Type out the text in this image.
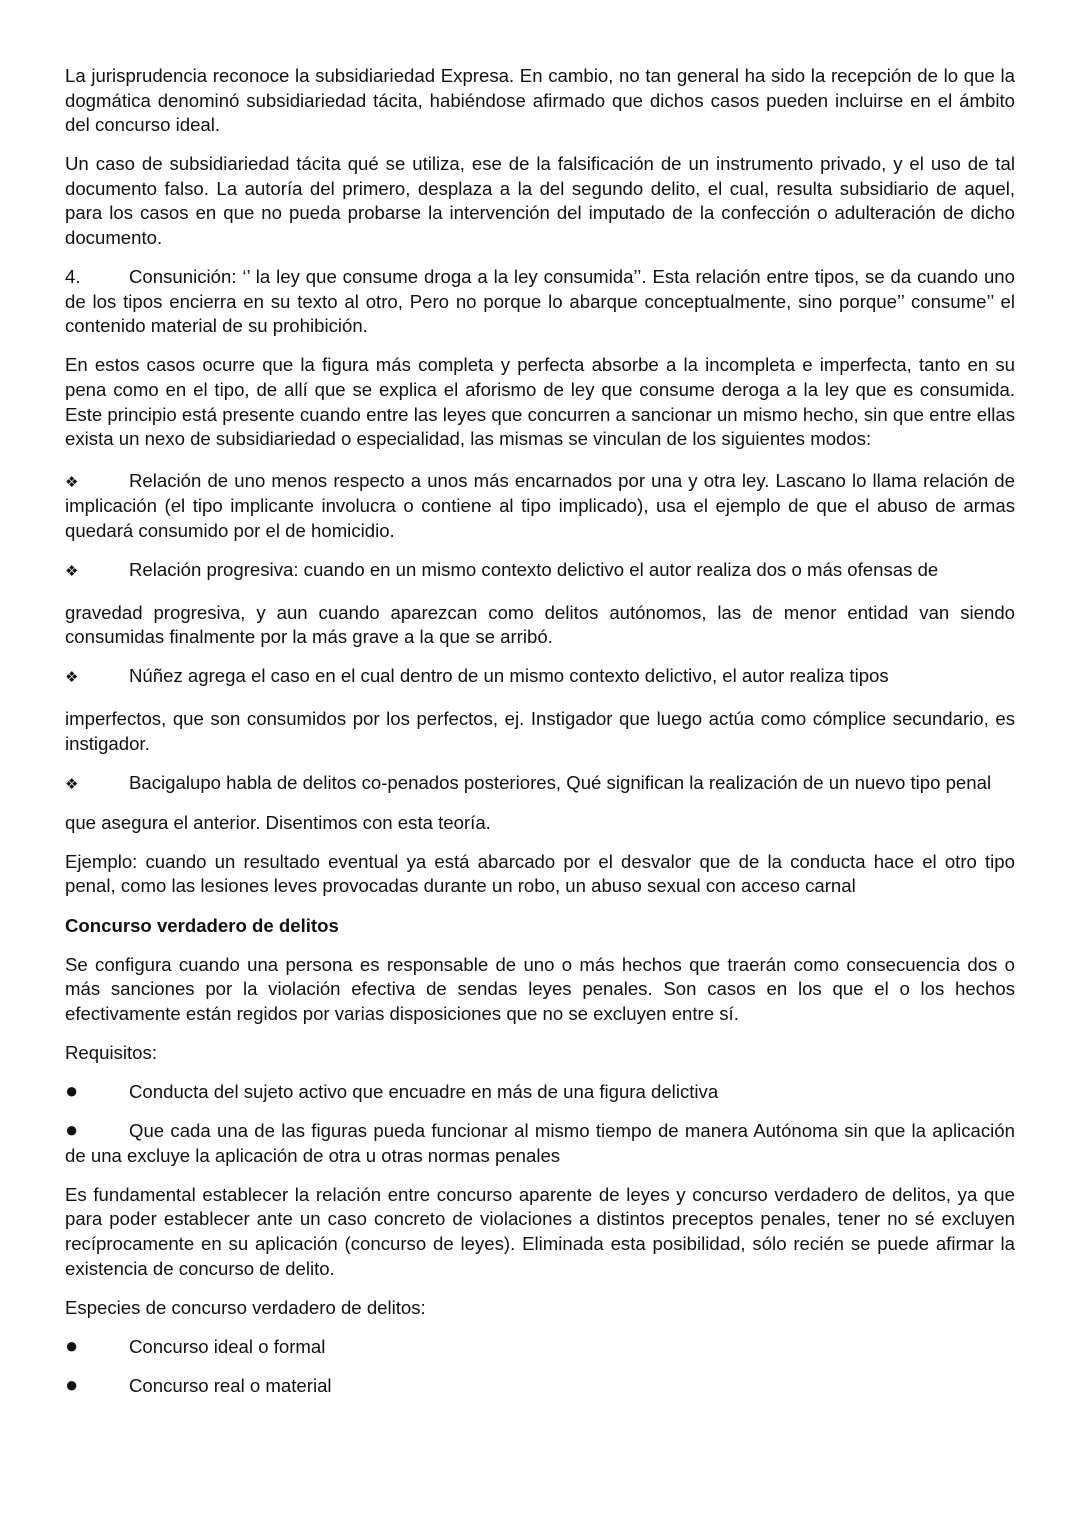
La jurisprudencia reconoce la subsidiariedad Expresa. En cambio, no tan general ha sido la recepción de lo que la dogmática denominó subsidiariedad tácita, habiéndose afirmado que dichos casos pueden incluirse en el ámbito del concurso ideal.

Un caso de subsidiariedad tácita qué se utiliza, ese de la falsificación de un instrumento privado, y el uso de tal documento falso. La autoría del primero, desplaza a la del segundo delito, el cual, resulta subsidiario de aquel, para los casos en que no pueda probarse la intervención del imputado de la confección o adulteración de dicho documento.

4.	Consunición: ‘’ la ley que consume droga a la ley consumida’’. Esta relación entre tipos, se da cuando uno de los tipos encierra en su texto al otro, Pero no porque lo abarque conceptualmente, sino porque’’ consume’’ el contenido material de su prohibición.

En estos casos ocurre que la figura más completa y perfecta absorbe a la incompleta e imperfecta, tanto en su pena como en el tipo, de allí que se explica el aforismo de ley que consume deroga a la ley que es consumida. Este principio está presente cuando entre las leyes que concurren a sancionar un mismo hecho, sin que entre ellas exista un nexo de subsidiariedad o especialidad, las mismas se vinculan de los siguientes modos:

❖	Relación de uno menos respecto a unos más encarnados por una y otra ley. Lascano lo llama relación de implicación (el tipo implicante involucra o contiene al tipo implicado), usa el ejemplo de que el abuso de armas quedará consumido por el de homicidio.

❖	Relación progresiva: cuando en un mismo contexto delictivo el autor realiza dos o más ofensas de

gravedad progresiva, y aun cuando aparezcan como delitos autónomos, las de menor entidad van siendo consumidas finalmente por la más grave a la que se arribó.

❖	Núñez agrega el caso en el cual dentro de un mismo contexto delictivo, el autor realiza tipos

imperfectos, que son consumidos por los perfectos, ej. Instigador que luego actúa como cómplice secundario, es instigador.

❖	Bacigalupo habla de delitos co-penados posteriores, Qué significan la realización de un nuevo tipo penal

que asegura el anterior. Disentimos con esta teoría.

Ejemplo: cuando un resultado eventual ya está abarcado por el desvalor que de la conducta hace el otro tipo penal, como las lesiones leves provocadas durante un robo, un abuso sexual con acceso carnal

Concurso verdadero de delitos

Se configura cuando una persona es responsable de uno o más hechos que traerán como consecuencia dos o más sanciones por la violación efectiva de sendas leyes penales. Son casos en los que el o los hechos efectivamente están regidos por varias disposiciones que no se excluyen entre sí.

Requisitos:

●	Conducta del sujeto activo que encuadre en más de una figura delictiva

●	Que cada una de las figuras pueda funcionar al mismo tiempo de manera Autónoma sin que la aplicación de una excluye la aplicación de otra u otras normas penales

Es fundamental establecer la relación entre concurso aparente de leyes y concurso verdadero de delitos, ya que para poder establecer ante un caso concreto de violaciones a distintos preceptos penales, tener no sé excluyen recíprocamente en su aplicación (concurso de leyes). Eliminada esta posibilidad, sólo recién se puede afirmar la existencia de concurso de delito.

Especies de concurso verdadero de delitos:

●	Concurso ideal o formal

●	Concurso real o material
